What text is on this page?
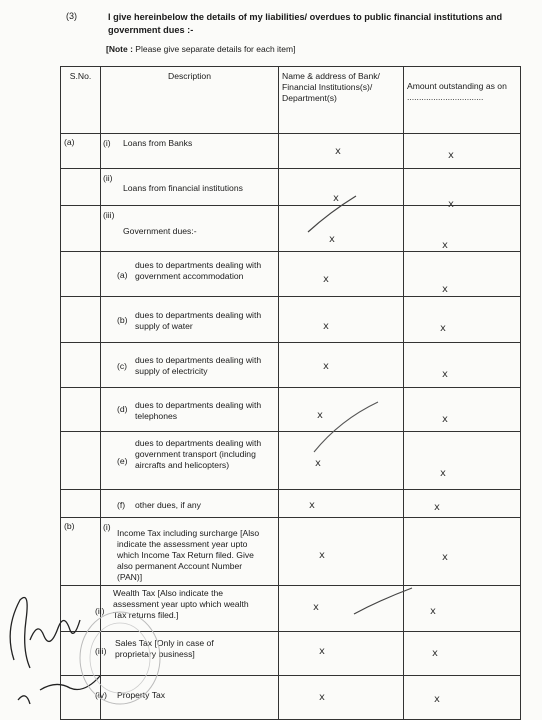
(3)	I give hereinbelow the details of my liabilities/ overdues to public financial institutions and government dues :-
[Note : Please give separate details for each item]
S.No.	Description	Name & address of Bank/ Financial Institutions(s)/ Department(s)	Amount outstanding as on ................................

(a)	(i) Loans from Banks	x	x

	(ii)
Loans from financial institutions	x	x

	(iii)
Government dues:-	x	x

	(a)
dues to departments dealing with government accommodation	x	x

	(b) dues to departments dealing with supply of water	x	x

	(c)
dues to departments dealing with supply of electricity	x	x

	(d) dues to departments dealing with telephones	x	x

	(e)
dues to departments dealing with government transport (including aircrafts and helicopters)	x	x

	(f) other dues, if any	x	x

(b)	(i)
Income Tax including surcharge [Also indicate the assessment year upto which Income Tax Return filed. Give also permanent Account Number (PAN)]	x	x

	(ii)
Wealth Tax [Also indicate the assessment year upto which wealth Tax returns filed.]	x	x

	(iii)
Sales Tax [Only in case of proprietary business]	x	x

	(iv) Property Tax	x	x
